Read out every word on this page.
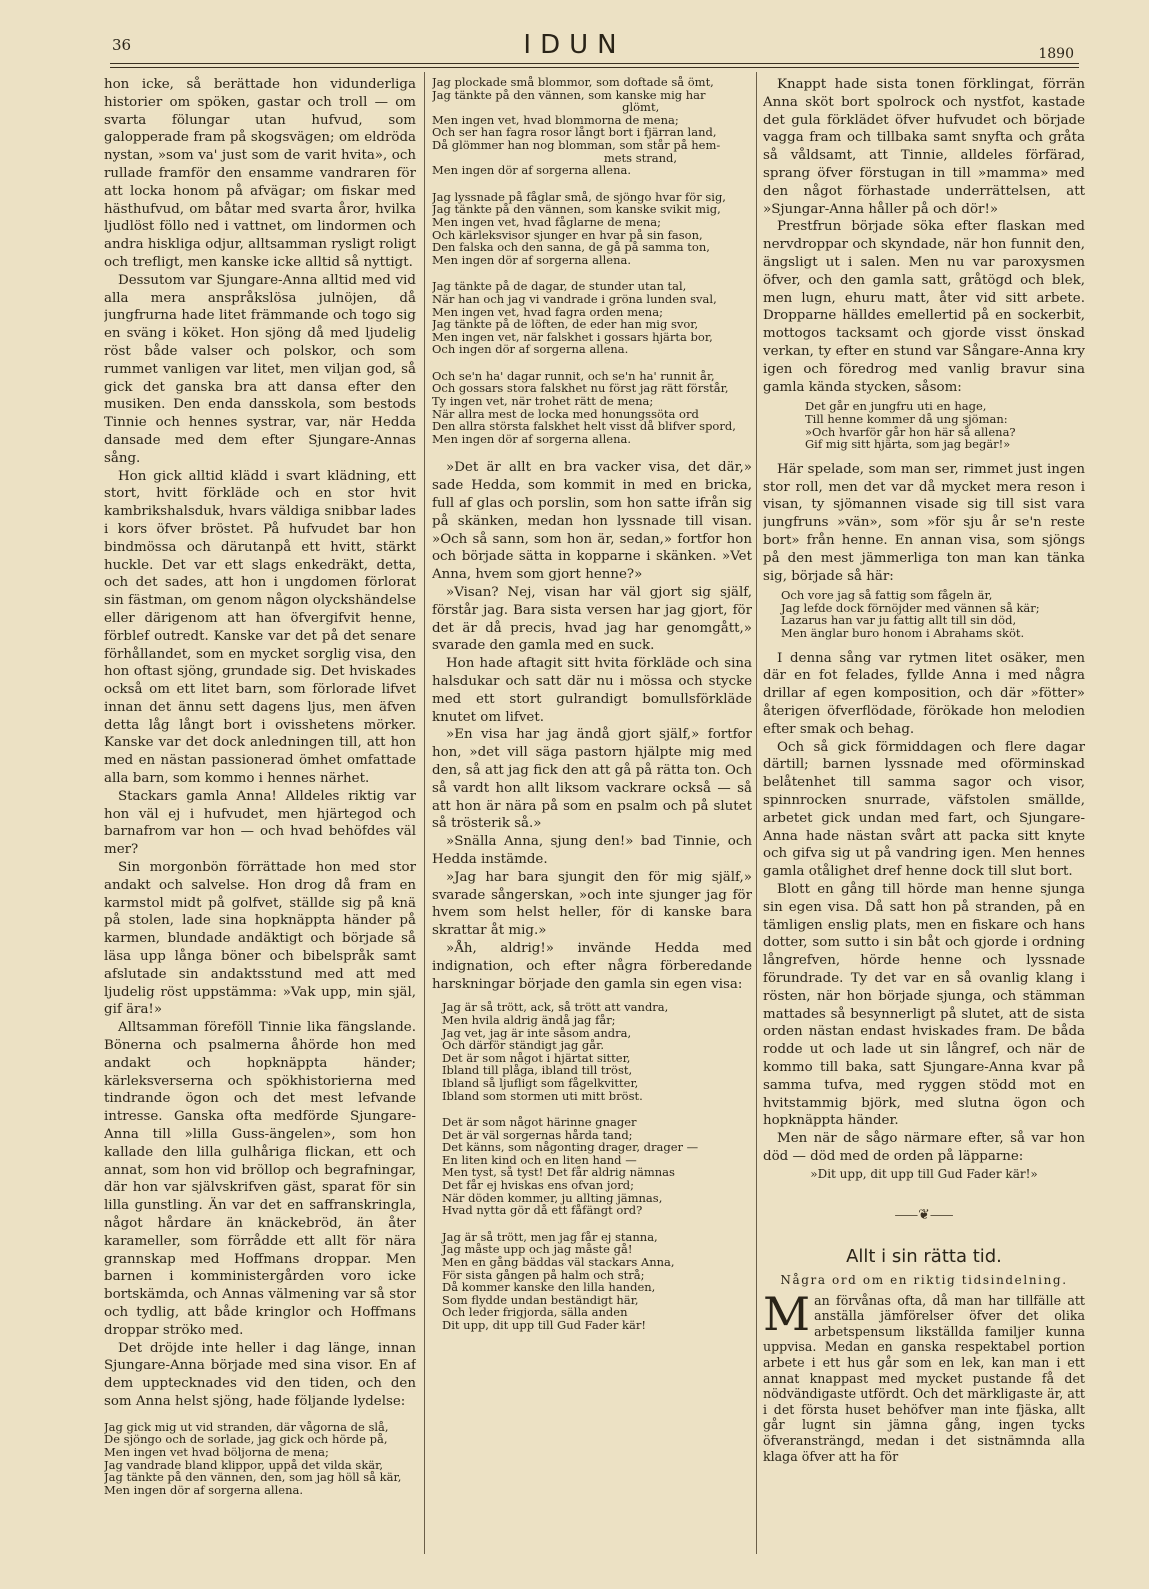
36	IDUN	1890

hon icke, så berättade hon vidunderliga historier om spöken, gastar och troll — om svarta fölungar utan hufvud, som galopperade fram på skogsvägen; om eldröda nystan, »som va' just som de varit hvita», och rullade framför den ensamme vandraren för att locka honom på afvägar; om fiskar med hästhufvud, om båtar med svarta åror, hvilka ljudlöst föllo ned i vattnet, om lindormen och andra hiskliga odjur, alltsamman rysligt roligt och trefligt, men kanske icke alltid så nyttigt.

Dessutom var Sjungare-Anna alltid med vid alla mera anspråkslösa julnöjen, då jungfrurna hade litet främmande och togo sig en sväng i köket. Hon sjöng då med ljudelig röst både valser och polskor, och som rummet vanligen var litet, men viljan god, så gick det ganska bra att dansa efter den musiken. Den enda dansskola, som bestods Tinnie och hennes systrar, var, när Hedda dansade med dem efter Sjungare-Annas sång.

Hon gick alltid klädd i svart klädning, ett stort, hvitt förkläde och en stor hvit kambrikshalsduk, hvars väldiga snibbar lades i kors öfver bröstet. På hufvudet bar hon bindmössa och därutanpå ett hvitt, stärkt huckle. Det var ett slags enkedräkt, detta, och det sades, att hon i ungdomen förlorat sin fästman, om genom någon olyckshändelse eller därigenom att han öfvergifvit henne, förblef outredt. Kanske var det på det senare förhållandet, som en mycket sorglig visa, den hon oftast sjöng, grundade sig. Det hviskades också om ett litet barn, som förlorade lifvet innan det ännu sett dagens ljus, men äfven detta låg långt bort i ovisshetens mörker. Kanske var det dock anledningen till, att hon med en nästan passionerad ömhet omfattade alla barn, som kommo i hennes närhet.

Stackars gamla Anna! Alldeles riktig var hon väl ej i hufvudet, men hjärtegod och barnafrom var hon — och hvad behöfdes väl mer?

Sin morgonbön förrättade hon med stor andakt och salvelse. Hon drog då fram en karmstol midt på golfvet, ställde sig på knä på stolen, lade sina hopknäppta händer på karmen, blundade andäktigt och började så läsa upp långa böner och bibelspråk samt afslutade sin andaktsstund med att med ljudelig röst uppstämma: »Vak upp, min själ, gif ära!»

Alltsamman föreföll Tinnie lika fängslande. Bönerna och psalmerna åhörde hon med andakt och hopknäppta händer; kärleksverserna och spökhistorierna med tindrande ögon och det mest lefvande intresse. Ganska ofta medförde Sjungare-Anna till »lilla Guss-ängelen», som hon kallade den lilla gulhåriga flickan, ett och annat, som hon vid bröllop och begrafningar, där hon var självskrifven gäst, sparat för sin lilla gunstling. Än var det en saffranskringla, något hårdare än knäckebröd, än åter karameller, som förrådde ett allt för nära grannskap med Hoffmans droppar. Men barnen i komministergården voro icke bortskämda, och Annas välmening var så stor och tydlig, att både kringlor och Hoffmans droppar ströko med.

Det dröjde inte heller i dag länge, innan Sjungare-Anna började med sina visor. En af dem upptecknades vid den tiden, och den som Anna helst sjöng, hade följande lydelse:

Jag gick mig ut vid stranden, där vågorna de slå,
De sjöngo och de sorlade, jag gick och hörde på,
Men ingen vet hvad böljorna de mena;
Jag vandrade bland klippor, uppå det vilda skär,
Jag tänkte på den vännen, den, som jag höll så kär,
Men ingen dör af sorgerna allena.
Jag plockade små blommor, som doftade så ömt,
Jag tänkte på den vännen, som kanske mig har
glömt,
Men ingen vet, hvad blommorna de mena;
Och ser han fagra rosor långt bort i fjärran land,
Då glömmer han nog blomman, som står på hem-
mets strand,
Men ingen dör af sorgerna allena.
Jag lyssnade på fåglar små, de sjöngo hvar för sig,
Jag tänkte på den vännen, som kanske svikit mig,
Men ingen vet, hvad fåglarne de mena;
Och kärleksvisor sjunger en hvar på sin fason,
Den falska och den sanna, de gå på samma ton,
Men ingen dör af sorgerna allena.
Jag tänkte på de dagar, de stunder utan tal,
När han och jag vi vandrade i gröna lunden sval,
Men ingen vet, hvad fagra orden mena;
Jag tänkte på de löften, de eder han mig svor,
Men ingen vet, när falskhet i gossars hjärta bor,
Och ingen dör af sorgerna allena.
Och se'n ha' dagar runnit, och se'n ha' runnit år,
Och gossars stora falskhet nu först jag rätt förstår,
Ty ingen vet, när trohet rätt de mena;
När allra mest de locka med honungssöta ord
Den allra största falskhet helt visst då blifver spord,
Men ingen dör af sorgerna allena.

»Det är allt en bra vacker visa, det där,» sade Hedda, som kommit in med en bricka, full af glas och porslin, som hon satte ifrån sig på skänken, medan hon lyssnade till visan. »Och så sann, som hon är, sedan,» fortfor hon och började sätta in kopparne i skänken. »Vet Anna, hvem som gjort henne?»

»Visan? Nej, visan har väl gjort sig själf, förstår jag. Bara sista versen har jag gjort, för det är då precis, hvad jag har genomgått,» svarade den gamla med en suck.

Hon hade aftagit sitt hvita förkläde och sina halsdukar och satt där nu i mössa och stycke med ett stort gulrandigt bomullsförkläde knutet om lifvet.

»En visa har jag ändå gjort själf,» fortfor hon, »det vill säga pastorn hjälpte mig med den, så att jag fick den att gå på rätta ton. Och så vardt hon allt liksom vackrare också — så att hon är nära på som en psalm och på slutet så trösterik så.»

»Snälla Anna, sjung den!» bad Tinnie, och Hedda instämde.

»Jag har bara sjungit den för mig själf,» svarade sångerskan, »och inte sjunger jag för hvem som helst heller, för di kanske bara skrattar åt mig.»

»Åh, aldrig!» invände Hedda med indignation, och efter några förberedande harskningar började den gamla sin egen visa:

Jag är så trött, ack, så trött att vandra,
Men hvila aldrig ändå jag får;
Jag vet, jag är inte såsom andra,
Och därför ständigt jag går.
Det är som något i hjärtat sitter,
Ibland till plåga, ibland till tröst,
Ibland så ljufligt som fågelkvitter,
Ibland som stormen uti mitt bröst.
Det är som något härinne gnager
Det är väl sorgernas hårda tand;
Det känns, som någonting drager, drager —
En liten kind och en liten hand —
Men tyst, så tyst! Det får aldrig nämnas
Det får ej hviskas ens ofvan jord;
När döden kommer, ju allting jämnas,
Hvad nytta gör då ett fåfängt ord?
Jag är så trött, men jag får ej stanna,
Jag måste upp och jag måste gå!
Men en gång bäddas väl stackars Anna,
För sista gången på halm och strå;
Då kommer kanske den lilla handen,
Som flydde undan beständigt här,
Och leder frigjorda, sälla anden
Dit upp, dit upp till Gud Fader kär!

Knappt hade sista tonen förklingat, förrän Anna sköt bort spolrock och nystfot, kastade det gula förklädet öfver hufvudet och började vagga fram och tillbaka samt snyfta och gråta så våldsamt, att Tinnie, alldeles förfärad, sprang öfver förstugan in till »mamma» med den något förhastade underrättelsen, att »Sjungar-Anna håller på och dör!»

Prestfrun började söka efter flaskan med nervdroppar och skyndade, när hon funnit den, ängsligt ut i salen. Men nu var paroxysmen öfver, och den gamla satt, gråtögd och blek, men lugn, ehuru matt, åter vid sitt arbete. Dropparne hälldes emellertid på en sockerbit, mottogos tacksamt och gjorde visst önskad verkan, ty efter en stund var Sångare-Anna kry igen och föredrog med vanlig bravur sina gamla kända stycken, såsom:

Det går en jungfru uti en hage,
Till henne kommer då ung sjöman:
»Och hvarför går hon här så allena?
Gif mig sitt hjärta, som jag begär!»

Här spelade, som man ser, rimmet just ingen stor roll, men det var då mycket mera reson i visan, ty sjömannen visade sig till sist vara jungfruns »vän», som »för sju år se'n reste bort» från henne. En annan visa, som sjöngs på den mest jämmerliga ton man kan tänka sig, började så här:

Och vore jag så fattig som fågeln är,
Jag lefde dock förnöjder med vännen så kär;
Lazarus han var ju fattig allt till sin död,
Men änglar buro honom i Abrahams sköt.

I denna sång var rytmen litet osäker, men där en fot felades, fyllde Anna i med några drillar af egen komposition, och där »fötter» återigen öfverflödade, förökade hon melodien efter smak och behag.

Och så gick förmiddagen och flere dagar därtill; barnen lyssnade med oförminskad belåtenhet till samma sagor och visor, spinnrocken snurrade, väfstolen smällde, arbetet gick undan med fart, och Sjungare-Anna hade nästan svårt att packa sitt knyte och gifva sig ut på vandring igen. Men hennes gamla otålighet dref henne dock till slut bort.

Blott en gång till hörde man henne sjunga sin egen visa. Då satt hon på stranden, på en tämligen enslig plats, men en fiskare och hans dotter, som sutto i sin båt och gjorde i ordning långrefven, hörde henne och lyssnade förundrade. Ty det var en så ovanlig klang i rösten, när hon började sjunga, och stämman mattades så besynnerligt på slutet, att de sista orden nästan endast hviskades fram. De båda rodde ut och lade ut sin långref, och när de kommo till baka, satt Sjungare-Anna kvar på samma tufva, med ryggen stödd mot en hvitstammig björk, med slutna ögon och hopknäppta händer.

Men när de sågo närmare efter, så var hon död — död med de orden på läpparne:

»Dit upp, dit upp till Gud Fader kär!»

⸺❦⸺
Allt i sin rätta tid.
Några ord om en riktig tidsindelning.
M an förvånas ofta, då man har tillfälle att anställa jämförelser öfver det olika arbetspensum likställda familjer kunna uppvisa. Medan en ganska respektabel portion arbete i ett hus går som en lek, kan man i ett annat knappast med mycket pustande få det nödvändigaste utfördt. Och det märkligaste är, att i det första huset behöfver man inte fjäska, allt går lugnt sin jämna gång, ingen tycks öfveransträngd, medan i det sistnämnda alla klaga öfver att ha för
